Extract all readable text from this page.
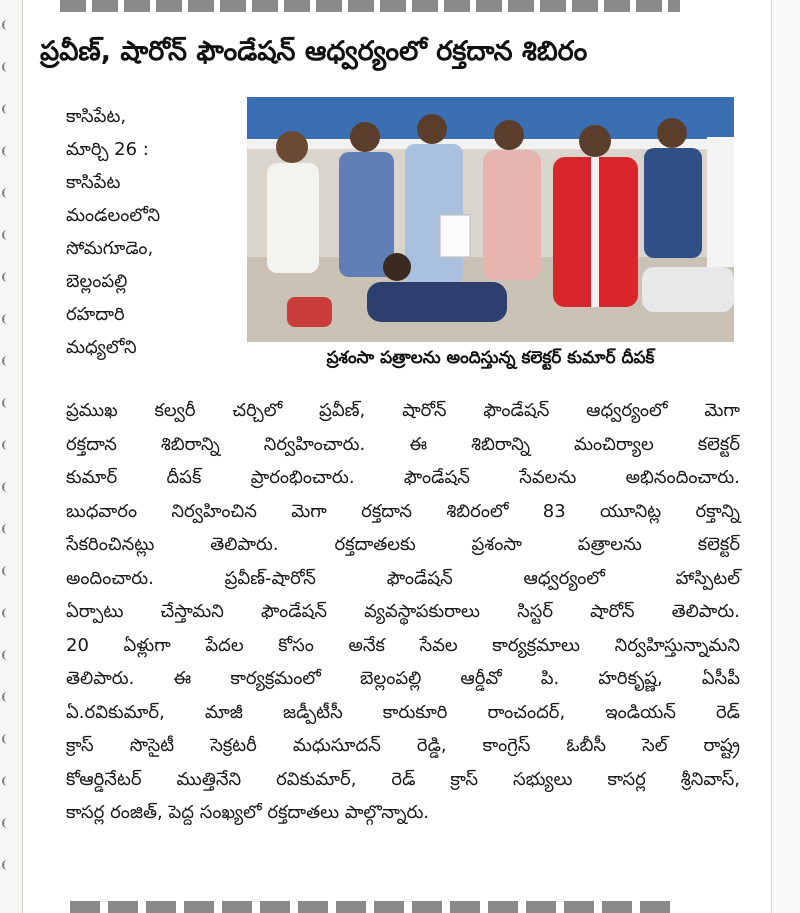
ప్రవీణ్, షారోన్ ఫౌండేషన్ ఆధ్వర్యంలో రక్తదాన శిబిరం
ప్రశంసా పత్రాలను అందిస్తున్న కలెక్టర్ కుమార్ దీపక్
కాసిపేట,
మార్చి 26 :
కాసిపేట
మండలంలోని
సోమగూడెం,
బెల్లంపల్లి
రహదారి
మధ్యలోని
ప్రముఖ కల్వరీ చర్చిలో ప్రవీణ్, షారోన్ ఫౌండేషన్ ఆధ్వర్యంలో మెగా
రక్తదాన శిబిరాన్ని నిర్వహించారు. ఈ శిబిరాన్ని మంచిర్యాల కలెక్టర్
కుమార్ దీపక్ ప్రారంభించారు. ఫౌండేషన్ సేవలను అభినందించారు.
బుధవారం నిర్వహించిన మెగా రక్తదాన శిబిరంలో 83 యూనిట్ల రక్తాన్ని
సేకరించినట్లు తెలిపారు. రక్తదాతలకు ప్రశంసా పత్రాలను కలెక్టర్
అందించారు. ప్రవీణ్-షారోన్ ఫౌండేషన్ ఆధ్వర్యంలో హాస్పిటల్
ఏర్పాటు చేస్తామని ఫౌండేషన్ వ్యవస్థాపకురాలు సిస్టర్ షారోన్ తెలిపారు.
20 ఏళ్లుగా పేదల కోసం అనేక సేవల కార్యక్రమాలు నిర్వహిస్తున్నామని
తెలిపారు. ఈ కార్యక్రమంలో బెల్లంపల్లి ఆర్డీవో పి. హరికృష్ణ, ఏసీపీ
ఏ.రవికుమార్, మాజీ జడ్పీటీసీ కారుకూరి రాంచందర్, ఇండియన్ రెడ్
క్రాస్ సొసైటీ సెక్రటరీ మధుసూదన్ రెడ్డి, కాంగ్రెస్ ఓబీసీ సెల్ రాష్ట్ర
కోఆర్డినేటర్ ముత్తినేని రవికుమార్, రెడ్ క్రాస్ సభ్యులు కాసర్ల శ్రీనివాస్,
కాసర్ల రంజిత్, పెద్ద సంఖ్యలో రక్తదాతలు పాల్గొన్నారు.
